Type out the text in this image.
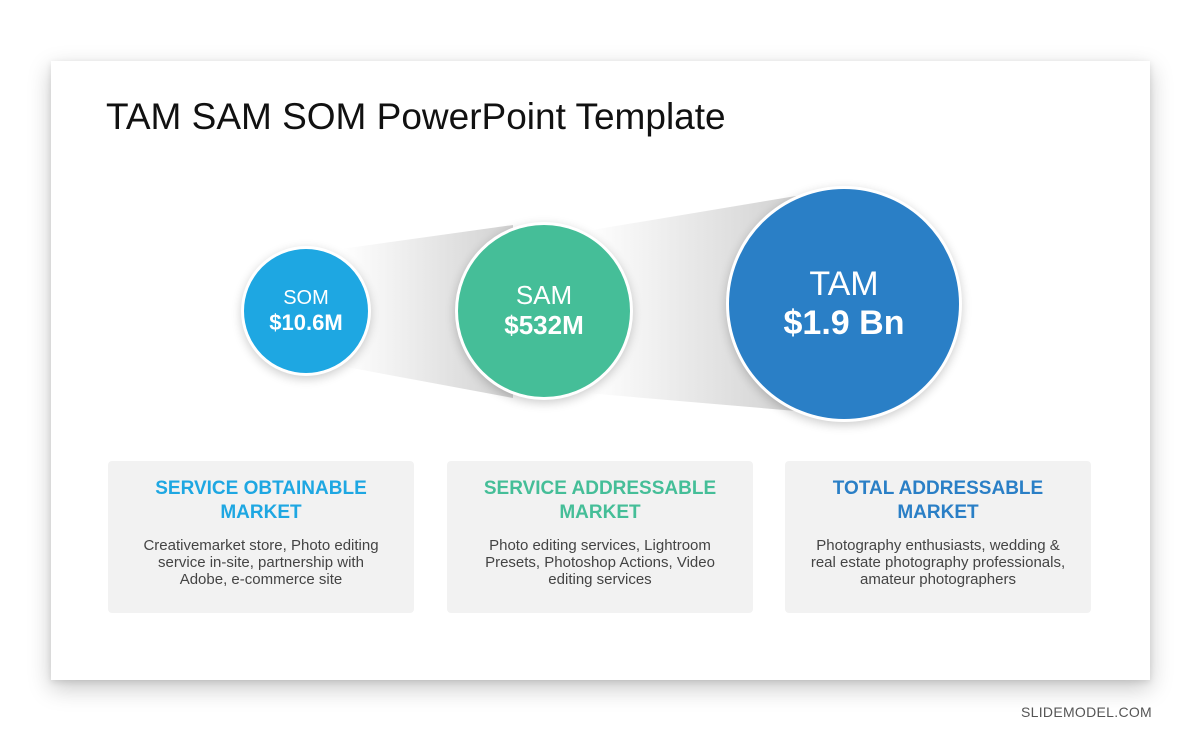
TAM SAM SOM PowerPoint Template
SOM
$10.6M
SAM
$532M
TAM
$1.9 Bn
SERVICE OBTAINABLE
MARKET
Creativemarket store, Photo editing
service in-site, partnership with
Adobe, e-commerce site
SERVICE ADDRESSABLE
MARKET
Photo editing services, Lightroom
Presets, Photoshop Actions, Video
editing services
TOTAL ADDRESSABLE
MARKET
Photography enthusiasts, wedding &
real estate photography professionals,
amateur photographers
SLIDEMODEL.COM
